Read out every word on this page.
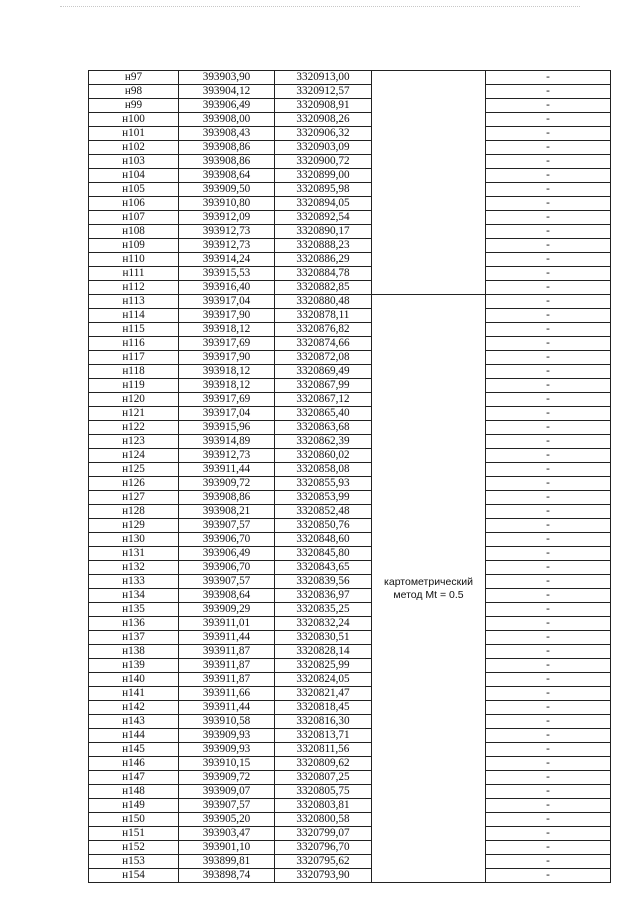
н97	393903,90	3320913,00		-
н98	393904,12	3320912,57		-
н99	393906,49	3320908,91		-
н100	393908,00	3320908,26		-
н101	393908,43	3320906,32		-
н102	393908,86	3320903,09		-
н103	393908,86	3320900,72		-
н104	393908,64	3320899,00		-
н105	393909,50	3320895,98		-
н106	393910,80	3320894,05		-
н107	393912,09	3320892,54		-
н108	393912,73	3320890,17		-
н109	393912,73	3320888,23		-
н110	393914,24	3320886,29		-
н111	393915,53	3320884,78		-
н112	393916,40	3320882,85		-
н113	393917,04	3320880,48	картометрический метод Mt = 0.5	-
н114	393917,90	3320878,11		-
н115	393918,12	3320876,82		-
н116	393917,69	3320874,66		-
н117	393917,90	3320872,08		-
н118	393918,12	3320869,49		-
н119	393918,12	3320867,99		-
н120	393917,69	3320867,12		-
н121	393917,04	3320865,40		-
н122	393915,96	3320863,68		-
н123	393914,89	3320862,39		-
н124	393912,73	3320860,02		-
н125	393911,44	3320858,08		-
н126	393909,72	3320855,93		-
н127	393908,86	3320853,99		-
н128	393908,21	3320852,48		-
н129	393907,57	3320850,76		-
н130	393906,70	3320848,60		-
н131	393906,49	3320845,80		-
н132	393906,70	3320843,65		-
н133	393907,57	3320839,56		-
н134	393908,64	3320836,97		-
н135	393909,29	3320835,25		-
н136	393911,01	3320832,24		-
н137	393911,44	3320830,51		-
н138	393911,87	3320828,14		-
н139	393911,87	3320825,99		-
н140	393911,87	3320824,05		-
н141	393911,66	3320821,47		-
н142	393911,44	3320818,45		-
н143	393910,58	3320816,30		-
н144	393909,93	3320813,71		-
н145	393909,93	3320811,56		-
н146	393910,15	3320809,62		-
н147	393909,72	3320807,25		-
н148	393909,07	3320805,75		-
н149	393907,57	3320803,81		-
н150	393905,20	3320800,58		-
н151	393903,47	3320799,07		-
н152	393901,10	3320796,70		-
н153	393899,81	3320795,62		-
н154	393898,74	3320793,90		-
